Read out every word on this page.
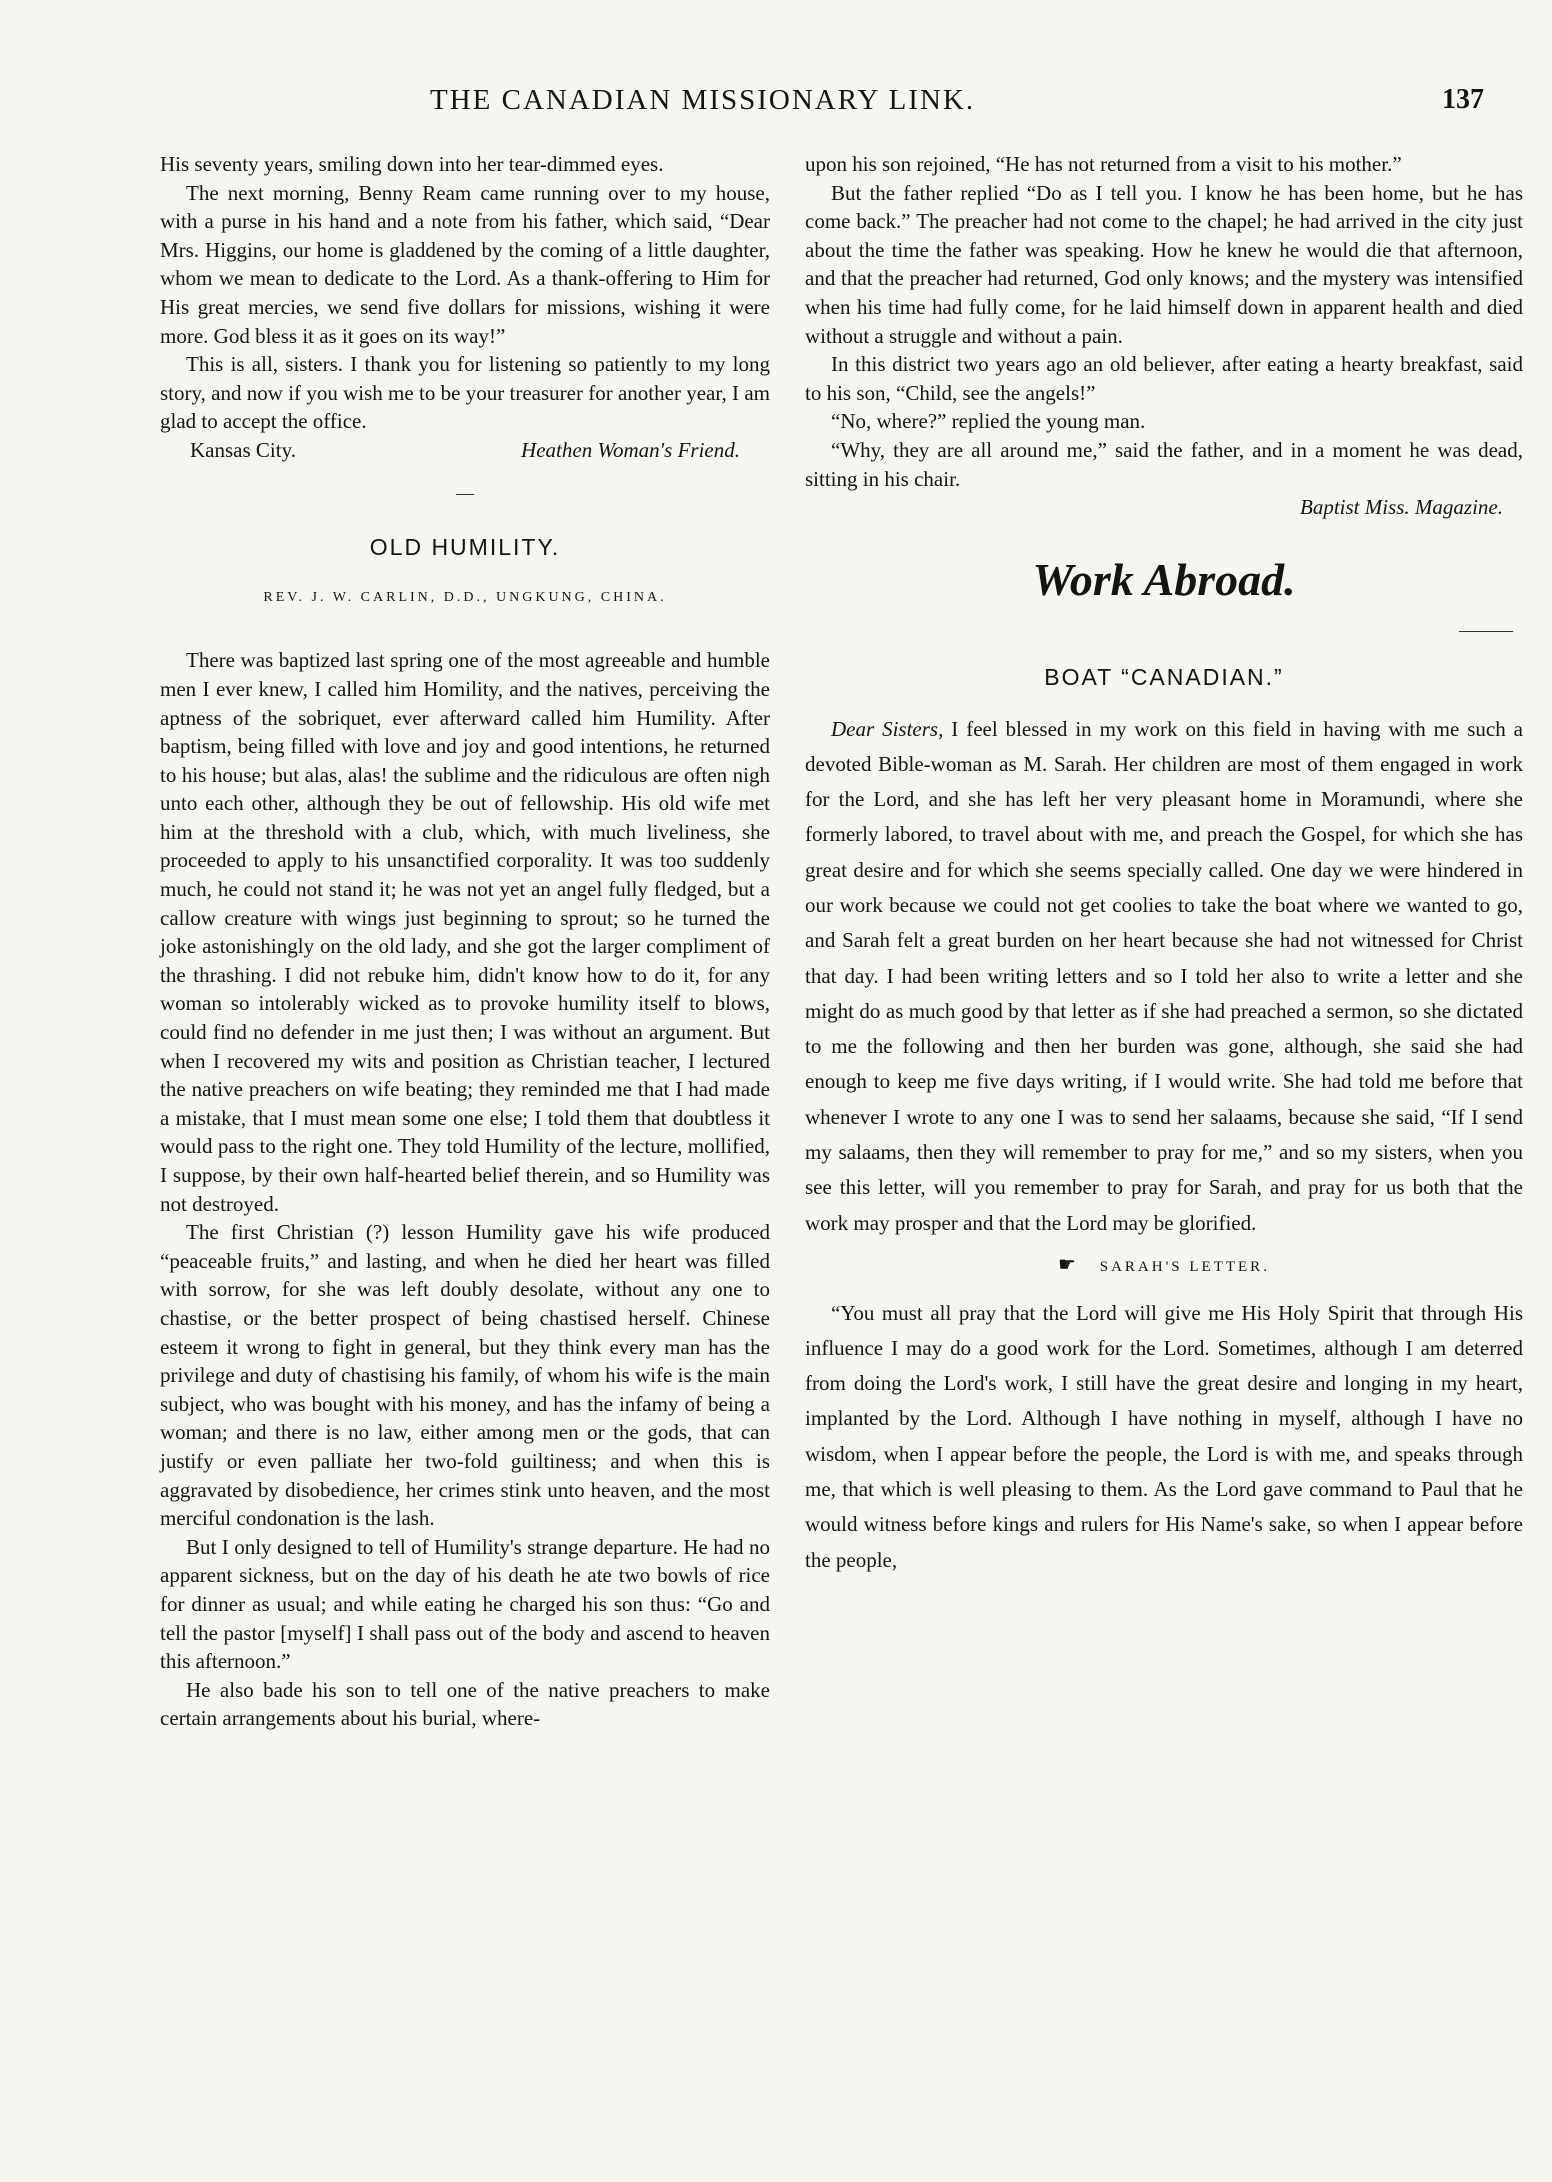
THE CANADIAN MISSIONARY LINK.	137

His seventy years, smiling down into her tear-dimmed eyes.

The next morning, Benny Ream came running over to my house, with a purse in his hand and a note from his father, which said, “Dear Mrs. Higgins, our home is gladdened by the coming of a little daughter, whom we mean to dedicate to the Lord. As a thank-offering to Him for His great mercies, we send five dollars for missions, wishing it were more. God bless it as it goes on its way!”

This is all, sisters. I thank you for listening so patiently to my long story, and now if you wish me to be your treasurer for another year, I am glad to accept the office.

Kansas City.	Heathen Woman's Friend.
—
OLD HUMILITY.
REV. J. W. CARLIN, D.D., UNGKUNG, CHINA.

There was baptized last spring one of the most agreeable and humble men I ever knew, I called him Homility, and the natives, perceiving the aptness of the sobriquet, ever afterward called him Humility. After baptism, being filled with love and joy and good intentions, he returned to his house; but alas, alas! the sublime and the ridiculous are often nigh unto each other, although they be out of fellowship. His old wife met him at the threshold with a club, which, with much liveliness, she proceeded to apply to his unsanctified corporality. It was too suddenly much, he could not stand it; he was not yet an angel fully fledged, but a callow creature with wings just beginning to sprout; so he turned the joke astonishingly on the old lady, and she got the larger compliment of the thrashing. I did not rebuke him, didn't know how to do it, for any woman so intolerably wicked as to provoke humility itself to blows, could find no defender in me just then; I was without an argument. But when I recovered my wits and position as Christian teacher, I lectured the native preachers on wife beating; they reminded me that I had made a mistake, that I must mean some one else; I told them that doubtless it would pass to the right one. They told Humility of the lecture, mollified, I suppose, by their own half-hearted belief therein, and so Humility was not destroyed.

The first Christian (?) lesson Humility gave his wife produced “peaceable fruits,” and lasting, and when he died her heart was filled with sorrow, for she was left doubly desolate, without any one to chastise, or the better prospect of being chastised herself. Chinese esteem it wrong to fight in general, but they think every man has the privilege and duty of chastising his family, of whom his wife is the main subject, who was bought with his money, and has the infamy of being a woman; and there is no law, either among men or the gods, that can justify or even palliate her two-fold guiltiness; and when this is aggravated by disobedience, her crimes stink unto heaven, and the most merciful condonation is the lash.

But I only designed to tell of Humility's strange departure. He had no apparent sickness, but on the day of his death he ate two bowls of rice for dinner as usual; and while eating he charged his son thus: “Go and tell the pastor [myself] I shall pass out of the body and ascend to heaven this afternoon.”

He also bade his son to tell one of the native preachers to make certain arrangements about his burial, where-

upon his son rejoined, “He has not returned from a visit to his mother.”

But the father replied “Do as I tell you. I know he has been home, but he has come back.” The preacher had not come to the chapel; he had arrived in the city just about the time the father was speaking. How he knew he would die that afternoon, and that the preacher had returned, God only knows; and the mystery was intensified when his time had fully come, for he laid himself down in apparent health and died without a struggle and without a pain.

In this district two years ago an old believer, after eating a hearty breakfast, said to his son, “Child, see the angels!”

“No, where?” replied the young man.

“Why, they are all around me,” said the father, and in a moment he was dead, sitting in his chair.

Baptist Miss. Magazine.
Work Abroad.
———
BOAT “CANADIAN.”

Dear Sisters, I feel blessed in my work on this field in having with me such a devoted Bible-woman as M. Sarah. Her children are most of them engaged in work for the Lord, and she has left her very pleasant home in Moramundi, where she formerly labored, to travel about with me, and preach the Gospel, for which she has great desire and for which she seems specially called. One day we were hindered in our work because we could not get coolies to take the boat where we wanted to go, and Sarah felt a great burden on her heart because she had not witnessed for Christ that day. I had been writing letters and so I told her also to write a letter and she might do as much good by that letter as if she had preached a sermon, so she dictated to me the following and then her burden was gone, although, she said she had enough to keep me five days writing, if I would write. She had told me before that whenever I wrote to any one I was to send her salaams, because she said, “If I send my salaams, then they will remember to pray for me,” and so my sisters, when you see this letter, will you remember to pray for Sarah, and pray for us both that the work may prosper and that the Lord may be glorified.

☛ SARAH'S LETTER.

“You must all pray that the Lord will give me His Holy Spirit that through His influence I may do a good work for the Lord. Sometimes, although I am deterred from doing the Lord's work, I still have the great desire and longing in my heart, implanted by the Lord. Although I have nothing in myself, although I have no wisdom, when I appear before the people, the Lord is with me, and speaks through me, that which is well pleasing to them. As the Lord gave command to Paul that he would witness before kings and rulers for His Name's sake, so when I appear before the people,
